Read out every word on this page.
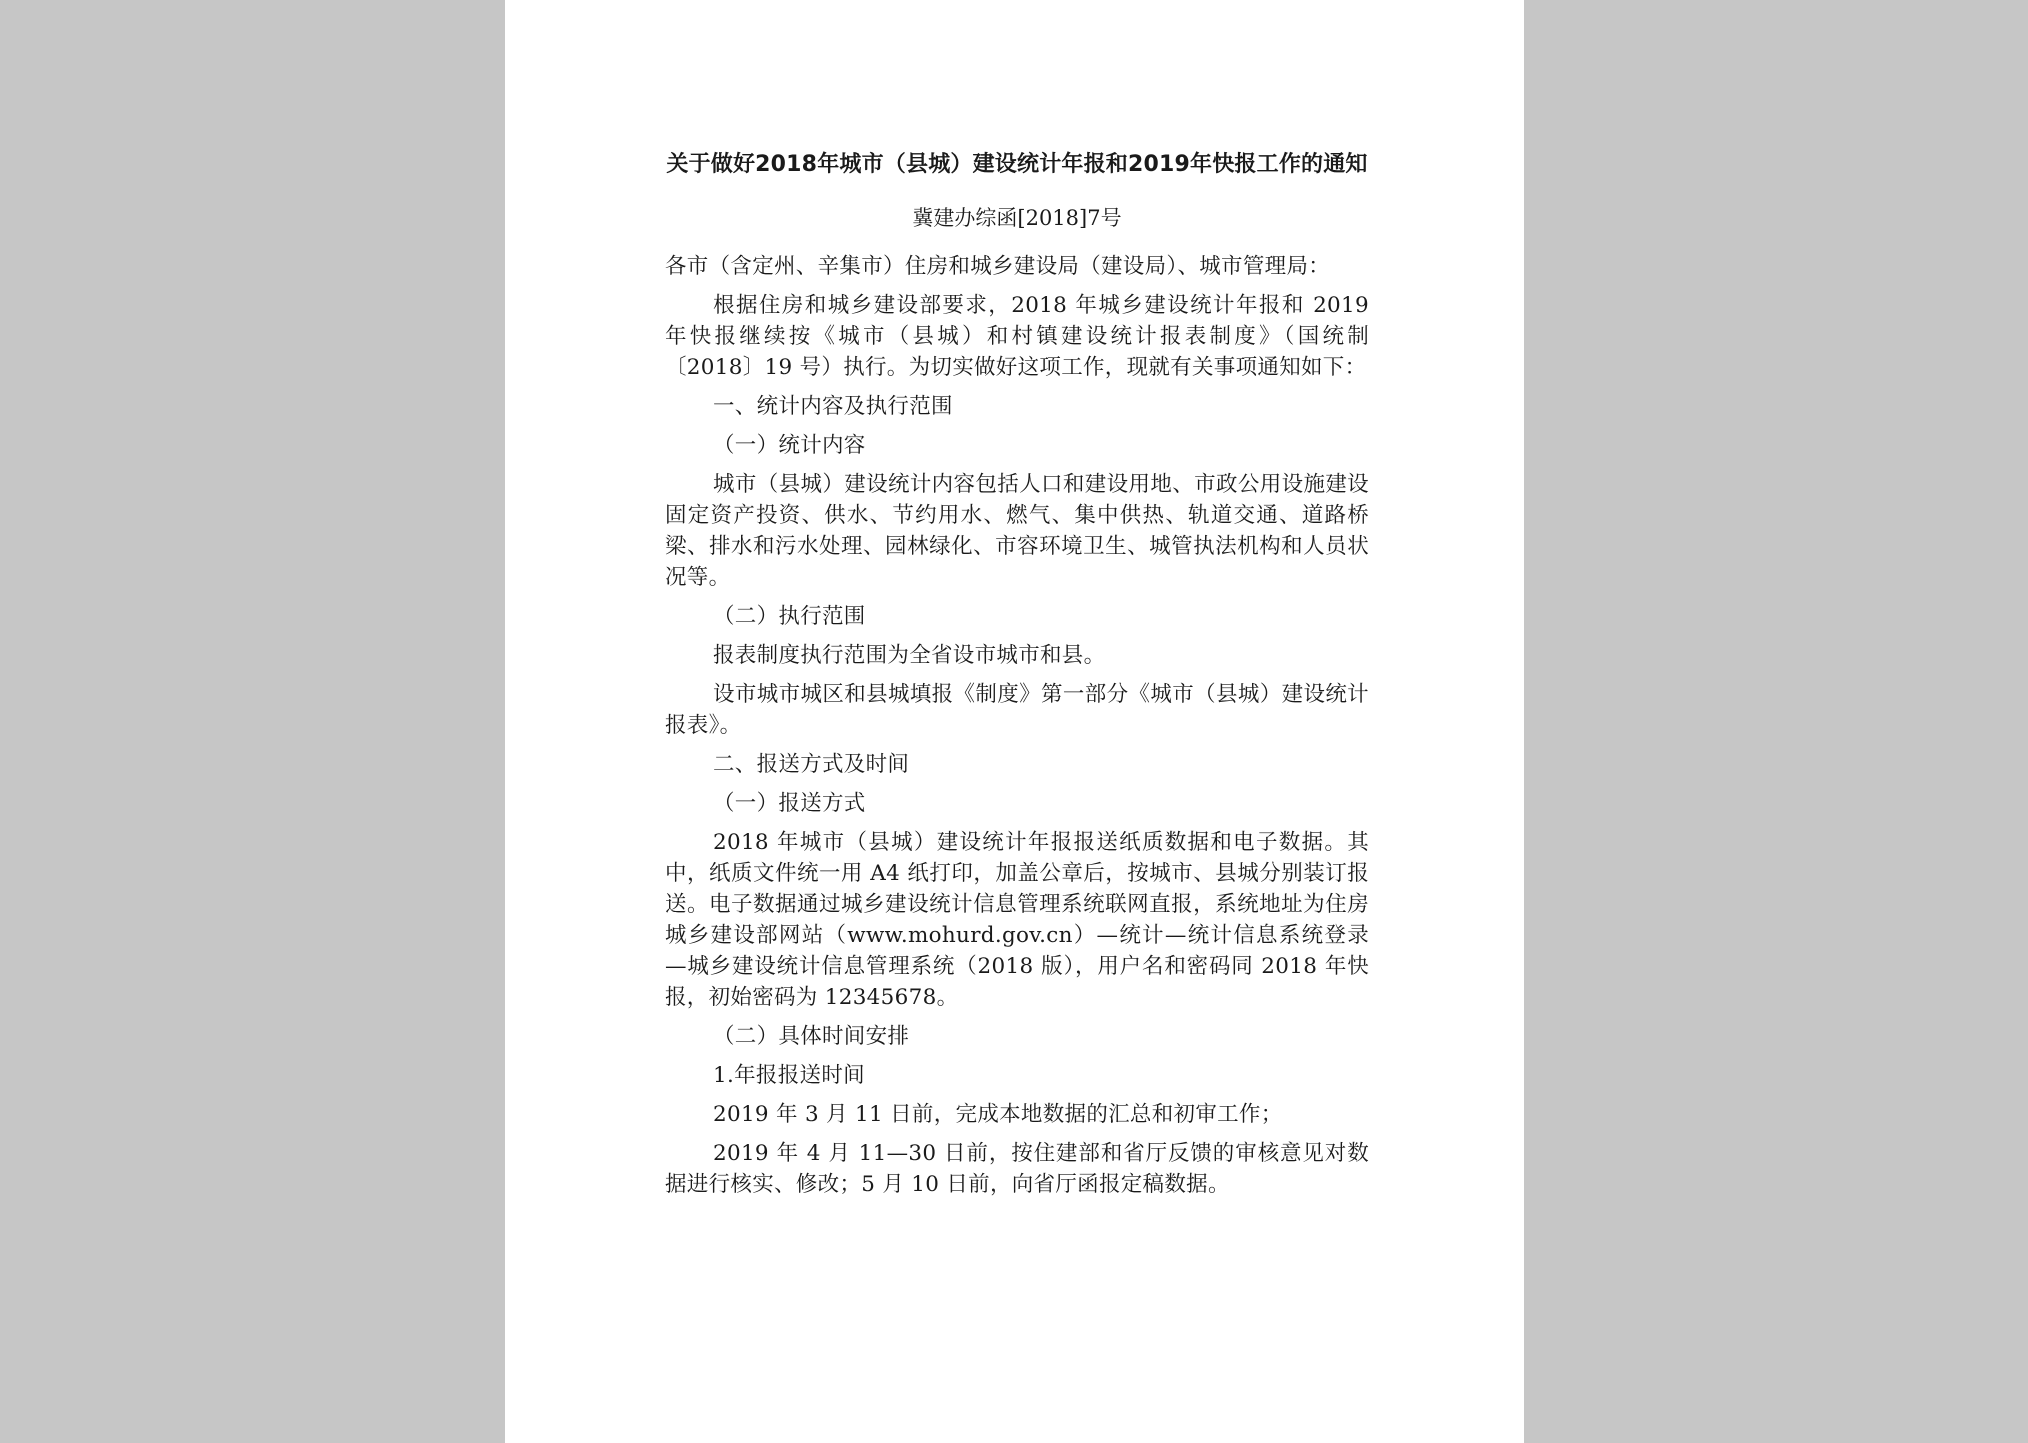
关于做好2018年城市（县城）建设统计年报和2019年快报工作的通知
冀建办综函[2018]7号

各市（含定州、辛集市）住房和城乡建设局（建设局）、城市管理局：

根据住房和城乡建设部要求，2018 年城乡建设统计年报和 2019 年快报继续按《城市（县城）和村镇建设统计报表制度》（国统制〔2018〕19 号）执行。为切实做好这项工作，现就有关事项通知如下：

一、统计内容及执行范围

（一）统计内容

城市（县城）建设统计内容包括人口和建设用地、市政公用设施建设固定资产投资、供水、节约用水、燃气、集中供热、轨道交通、道路桥梁、排水和污水处理、园林绿化、市容环境卫生、城管执法机构和人员状况等。

（二）执行范围

报表制度执行范围为全省设市城市和县。

设市城市城区和县城填报《制度》第一部分《城市（县城）建设统计报表》。

二、报送方式及时间

（一）报送方式

2018 年城市（县城）建设统计年报报送纸质数据和电子数据。其中，纸质文件统一用 A4 纸打印，加盖公章后，按城市、县城分别装订报送。电子数据通过城乡建设统计信息管理系统联网直报，系统地址为住房城乡建设部网站（www.mohurd.gov.cn）—统计—统计信息系统登录—城乡建设统计信息管理系统（2018 版），用户名和密码同 2018 年快报，初始密码为 12345678。

（二）具体时间安排

1.年报报送时间

2019 年 3 月 11 日前，完成本地数据的汇总和初审工作；

2019 年 4 月 11—30 日前，按住建部和省厅反馈的审核意见对数据进行核实、修改；5 月 10 日前，向省厅函报定稿数据。
